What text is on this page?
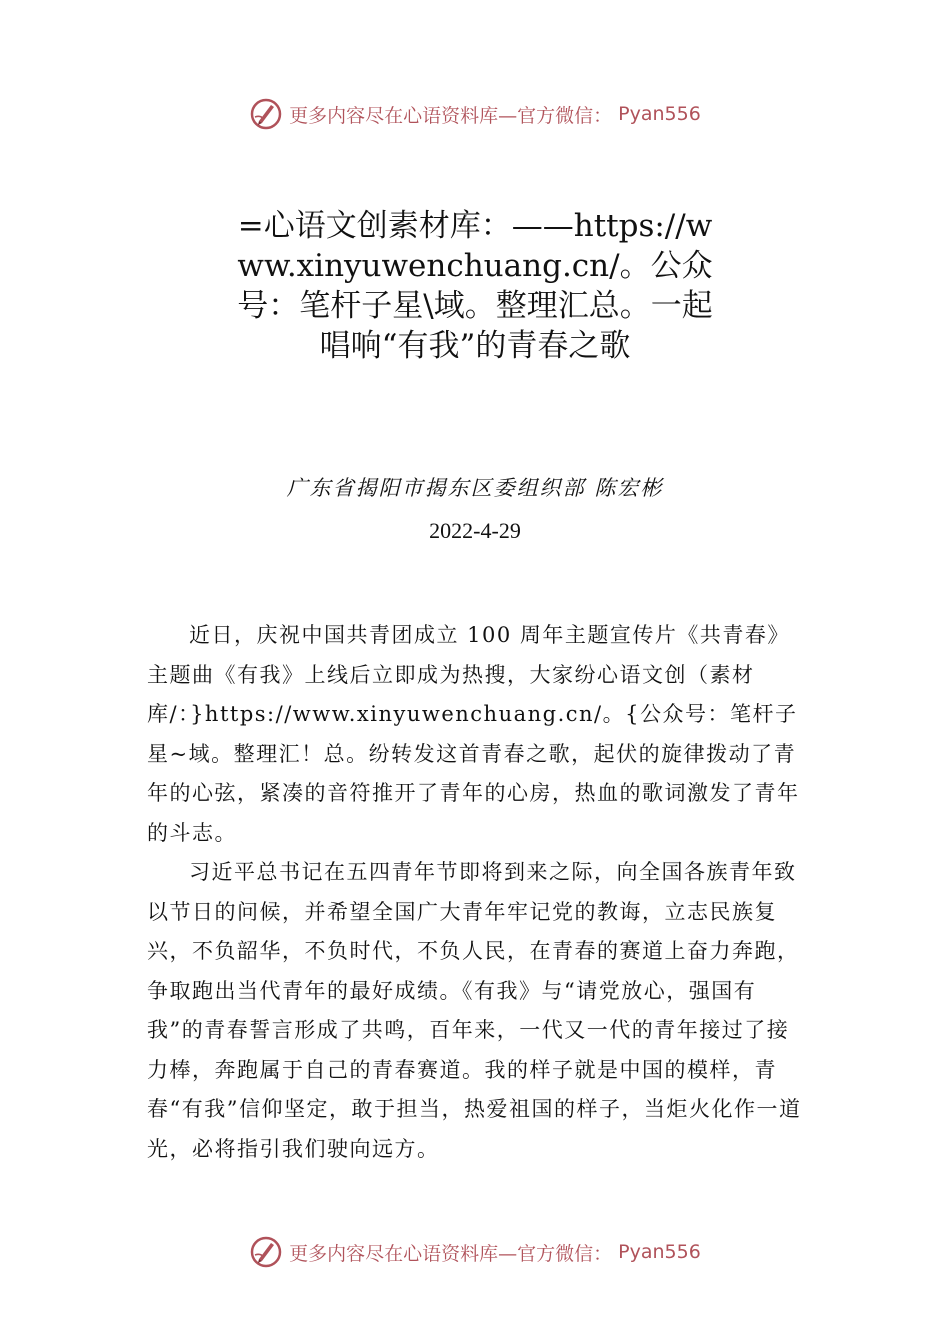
更多内容尽在心语资料库—官方微信： Pyan556
=心语文创素材库：——https://www.xinyuwenchuang.cn/。公众号：笔杆子星\域。整理汇总。一起唱响“有我”的青春之歌
广东省揭阳市揭东区委组织部 陈宏彬
2022-4-29

近日，庆祝中国共青团成立 100 周年主题宣传片《共青春》主题曲《有我》上线后立即成为热搜，大家纷心语文创（素材库/：}https://www.xinyuwenchuang.cn/。{公众号：笔杆子星~域。整理汇！总。纷转发这首青春之歌，起伏的旋律拨动了青年的心弦，紧凑的音符推开了青年的心房，热血的歌词激发了青年的斗志。

习近平总书记在五四青年节即将到来之际，向全国各族青年致以节日的问候，并希望全国广大青年牢记党的教诲，立志民族复兴，不负韶华，不负时代，不负人民，在青春的赛道上奋力奔跑，争取跑出当代青年的最好成绩。《有我》与“请党放心，强国有我”的青春誓言形成了共鸣，百年来，一代又一代的青年接过了接力棒，奔跑属于自己的青春赛道。我的样子就是中国的模样，青春“有我”信仰坚定，敢于担当，热爱祖国的样子，当炬火化作一道光，必将指引我们驶向远方。

更多内容尽在心语资料库—官方微信： Pyan556
